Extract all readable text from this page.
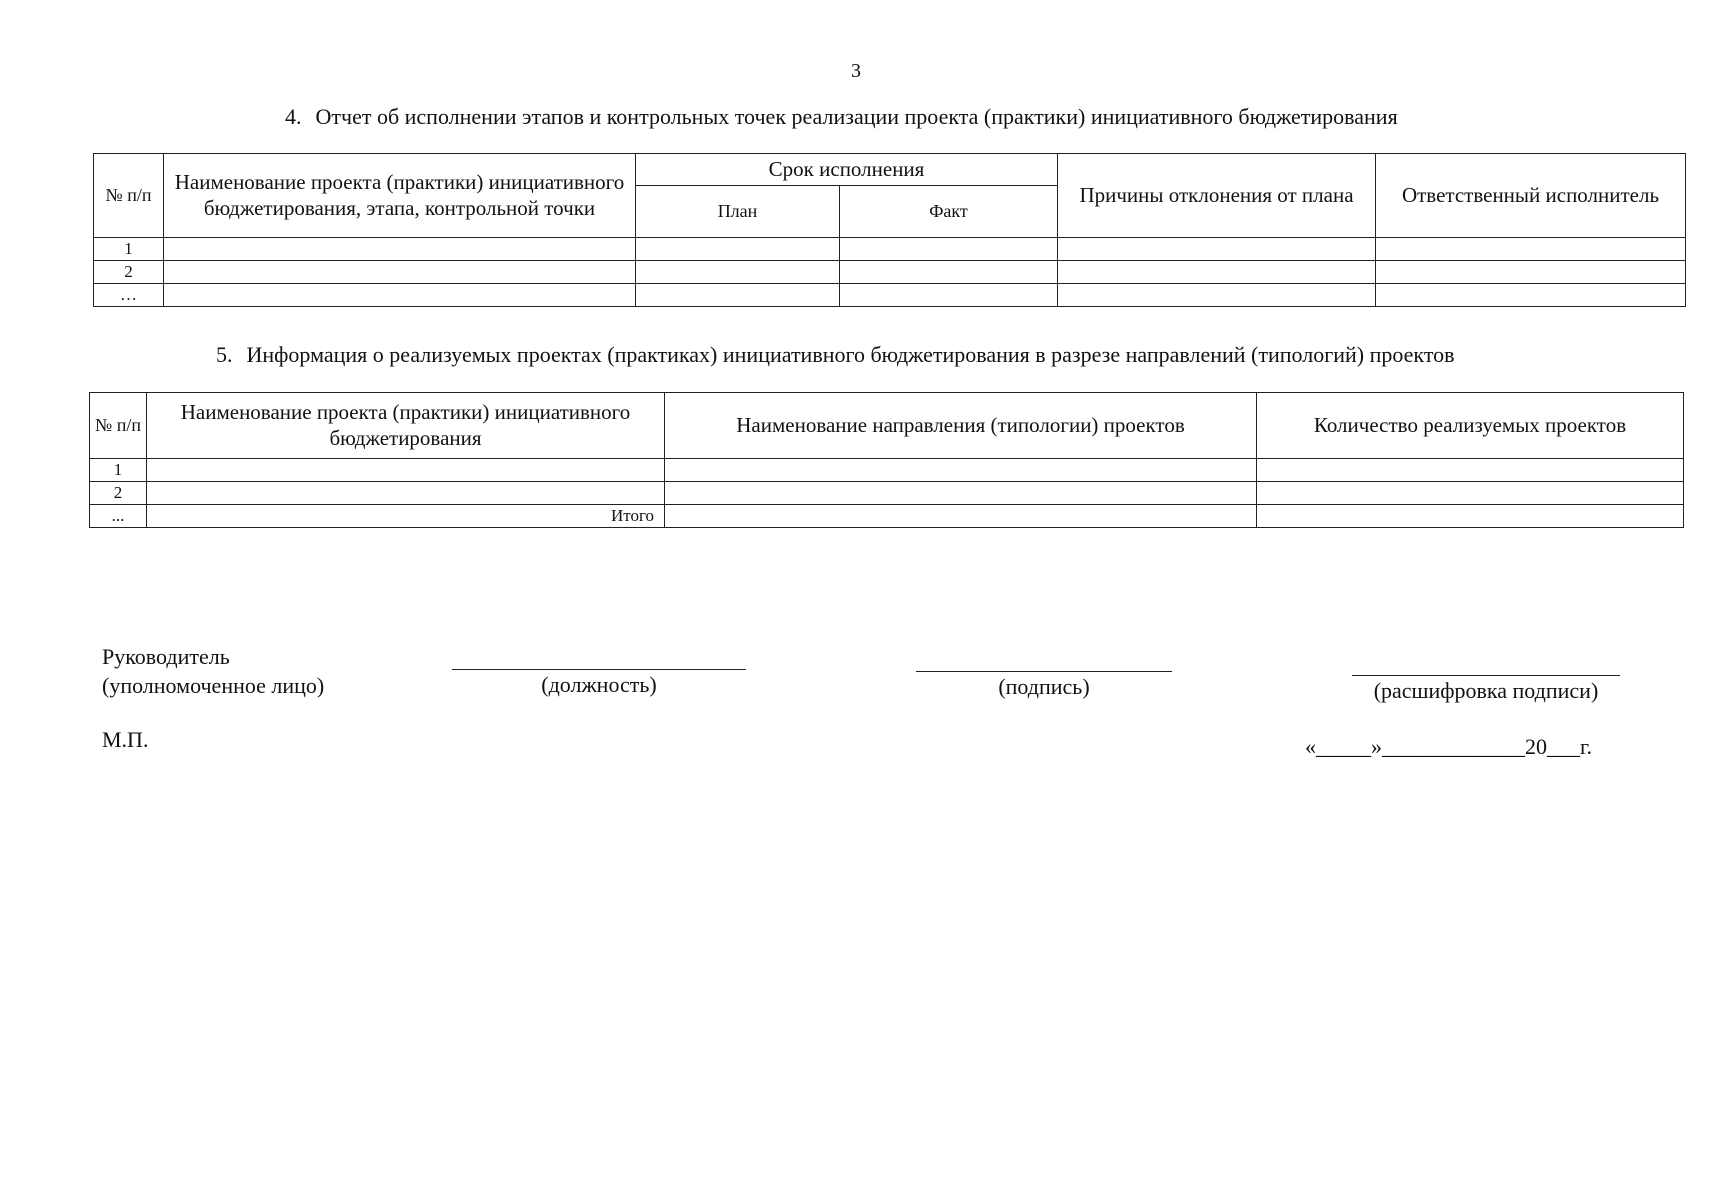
3
4. Отчет об исполнении этапов и контрольных точек реализации проекта (практики) инициативного бюджетирования
№ п/п	Наименование проекта (практики) инициативного бюджетирования, этапа, контрольной точки	Срок исполнения		Причины отклонения от плана	Ответственный исполнитель
		План	Факт		
1					
2					
…					
5. Информация о реализуемых проектах (практиках) инициативного бюджетирования в разрезе направлений (типологий) проектов
№ п/п	Наименование проекта (практики) инициативного бюджетирования	Наименование направления (типологии) проектов	Количество реализуемых проектов
1			
2			
...	Итого		
Руководитель
(уполномоченное лицо)	(должность)	(подпись)	(расшифровка подписи)
М.П.	«_____»_____________20___г.
